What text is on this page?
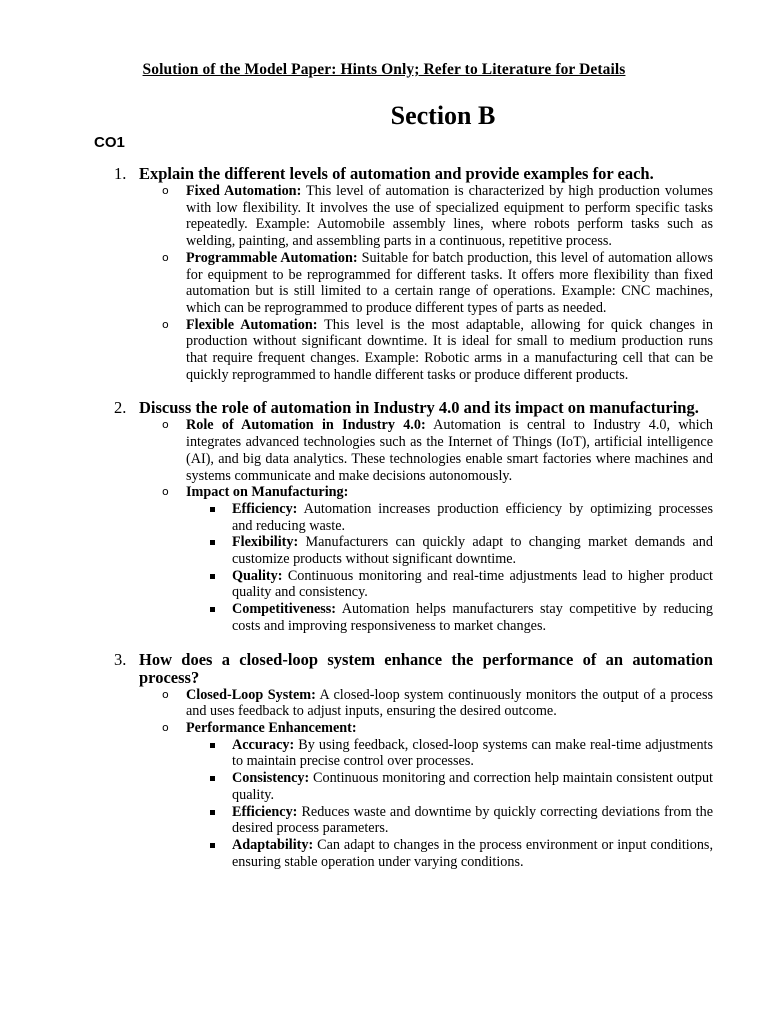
Solution of the Model Paper: Hints Only; Refer to Literature for Details
Section B
CO1
1. Explain the different levels of automation and provide examples for each.
o Fixed Automation: This level of automation is characterized by high production volumes with low flexibility. It involves the use of specialized equipment to perform specific tasks repeatedly. Example: Automobile assembly lines, where robots perform tasks such as welding, painting, and assembling parts in a continuous, repetitive process.
o Programmable Automation: Suitable for batch production, this level of automation allows for equipment to be reprogrammed for different tasks. It offers more flexibility than fixed automation but is still limited to a certain range of operations. Example: CNC machines, which can be reprogrammed to produce different types of parts as needed.
o Flexible Automation: This level is the most adaptable, allowing for quick changes in production without significant downtime. It is ideal for small to medium production runs that require frequent changes. Example: Robotic arms in a manufacturing cell that can be quickly reprogrammed to handle different tasks or produce different products.
2. Discuss the role of automation in Industry 4.0 and its impact on manufacturing.
o Role of Automation in Industry 4.0: Automation is central to Industry 4.0, which integrates advanced technologies such as the Internet of Things (IoT), artificial intelligence (AI), and big data analytics. These technologies enable smart factories where machines and systems communicate and make decisions autonomously.
o Impact on Manufacturing:
Efficiency: Automation increases production efficiency by optimizing processes and reducing waste.
Flexibility: Manufacturers can quickly adapt to changing market demands and customize products without significant downtime.
Quality: Continuous monitoring and real-time adjustments lead to higher product quality and consistency.
Competitiveness: Automation helps manufacturers stay competitive by reducing costs and improving responsiveness to market changes.
3. How does a closed-loop system enhance the performance of an automation process?
o Closed-Loop System: A closed-loop system continuously monitors the output of a process and uses feedback to adjust inputs, ensuring the desired outcome.
o Performance Enhancement:
Accuracy: By using feedback, closed-loop systems can make real-time adjustments to maintain precise control over processes.
Consistency: Continuous monitoring and correction help maintain consistent output quality.
Efficiency: Reduces waste and downtime by quickly correcting deviations from the desired process parameters.
Adaptability: Can adapt to changes in the process environment or input conditions, ensuring stable operation under varying conditions.
